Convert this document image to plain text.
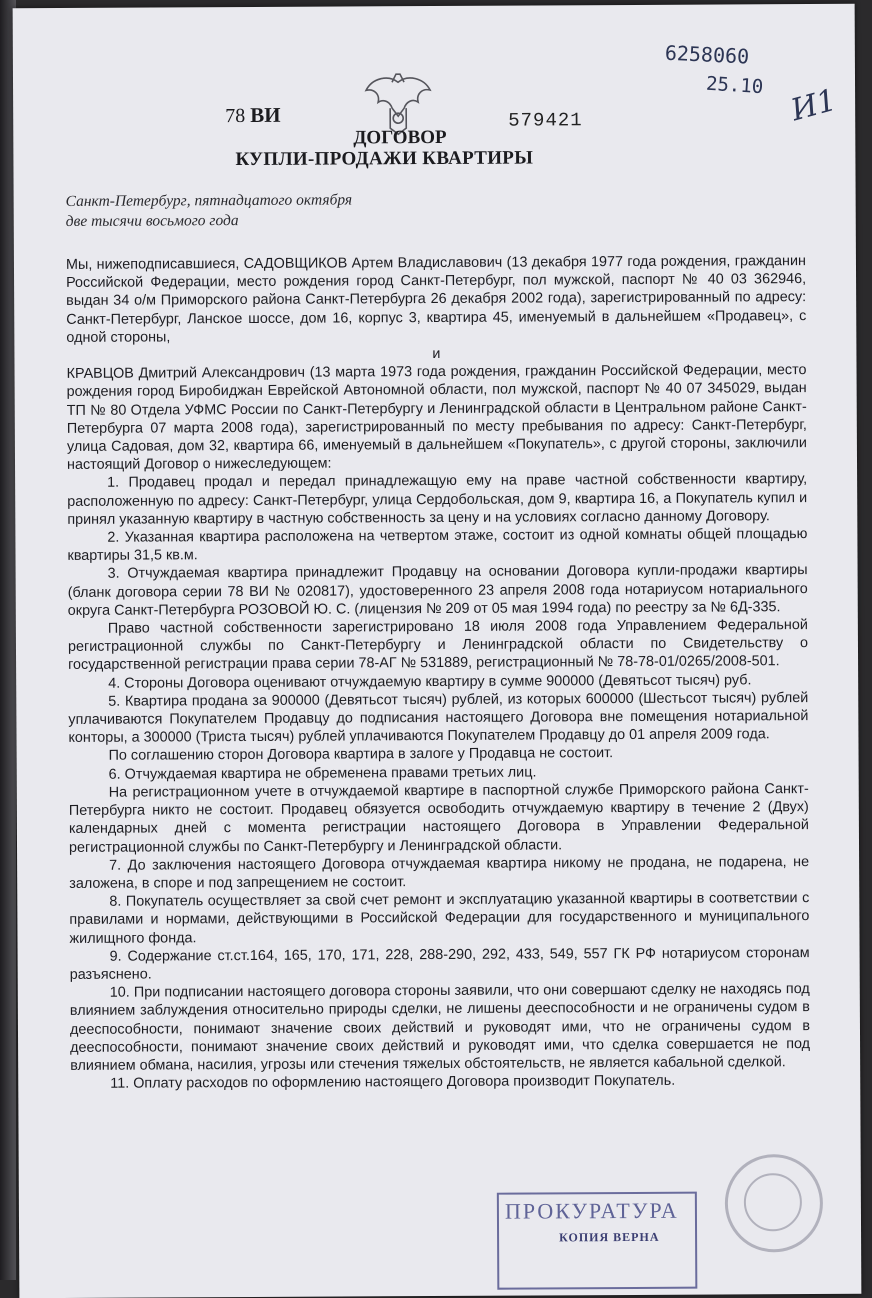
78 ВИ	579421
ДОГОВОР
КУПЛИ-ПРОДАЖИ КВАРТИРЫ
6258060
25.10 И1
Санкт-Петербург, пятнадцатого октября
две тысячи восьмого года

Мы, нижеподписавшиеся, САДОВЩИКОВ Артем Владиславович (13 декабря 1977 года рождения, гражданин Российской Федерации, место рождения город Санкт-Петербург, пол мужской, паспорт № 40 03 362946, выдан 34 о/м Приморского района Санкт-Петербурга 26 декабря 2002 года), зарегистрированный по адресу: Санкт-Петербург, Ланское шоссе, дом 16, корпус 3, квартира 45, именуемый в дальнейшем «Продавец», с одной стороны,

и

КРАВЦОВ Дмитрий Александрович (13 марта 1973 года рождения, гражданин Российской Федерации, место рождения город Биробиджан Еврейской Автономной области, пол мужской, паспорт № 40 07 345029, выдан ТП № 80 Отдела УФМС России по Санкт-Петербургу и Ленинградской области в Центральном районе Санкт-Петербурга 07 марта 2008 года), зарегистрированный по месту пребывания по адресу: Санкт-Петербург, улица Садовая, дом 32, квартира 66, именуемый в дальнейшем «Покупатель», с другой стороны, заключили настоящий Договор о нижеследующем:

1. Продавец продал и передал принадлежащую ему на праве частной собственности квартиру, расположенную по адресу: Санкт-Петербург, улица Сердобольская, дом 9, квартира 16, а Покупатель купил и принял указанную квартиру в частную собственность за цену и на условиях согласно данному Договору.

2. Указанная квартира расположена на четвертом этаже, состоит из одной комнаты общей площадью квартиры 31,5 кв.м.

3. Отчуждаемая квартира принадлежит Продавцу на основании Договора купли-продажи квартиры (бланк договора серии 78 ВИ № 020817), удостоверенного 23 апреля 2008 года нотариусом нотариального округа Санкт-Петербурга РОЗОВОЙ Ю. С. (лицензия № 209 от 05 мая 1994 года) по реестру за № 6Д-335.

Право частной собственности зарегистрировано 18 июля 2008 года Управлением Федеральной регистрационной службы по Санкт-Петербургу и Ленинградской области по Свидетельству о государственной регистрации права серии 78-АГ № 531889, регистрационный № 78-78-01/0265/2008-501.

4. Стороны Договора оценивают отчуждаемую квартиру в сумме 900000 (Девятьсот тысяч) руб.

5. Квартира продана за 900000 (Девятьсот тысяч) рублей, из которых 600000 (Шестьсот тысяч) рублей уплачиваются Покупателем Продавцу до подписания настоящего Договора вне помещения нотариальной конторы, а 300000 (Триста тысяч) рублей уплачиваются Покупателем Продавцу до 01 апреля 2009 года.

По соглашению сторон Договора квартира в залоге у Продавца не состоит.

6. Отчуждаемая квартира не обременена правами третьих лиц.

На регистрационном учете в отчуждаемой квартире в паспортной службе Приморского района Санкт-Петербурга никто не состоит. Продавец обязуется освободить отчуждаемую квартиру в течение 2 (Двух) календарных дней с момента регистрации настоящего Договора в Управлении Федеральной регистрационной службы по Санкт-Петербургу и Ленинградской области.

7. До заключения настоящего Договора отчуждаемая квартира никому не продана, не подарена, не заложена, в споре и под запрещением не состоит.

8. Покупатель осуществляет за свой счет ремонт и эксплуатацию указанной квартиры в соответствии с правилами и нормами, действующими в Российской Федерации для государственного и муниципального жилищного фонда.

9. Содержание ст.ст.164, 165, 170, 171, 228, 288-290, 292, 433, 549, 557 ГК РФ нотариусом сторонам разъяснено.

10. При подписании настоящего договора стороны заявили, что они совершают сделку не находясь под влиянием заблуждения относительно природы сделки, не лишены дееспособности и не ограничены судом в дееспособности, понимают значение своих действий и руководят ими, что не ограничены судом в дееспособности, понимают значение своих действий и руководят ими, что сделка совершается не под влиянием обмана, насилия, угрозы или стечения тяжелых обстоятельств, не является кабальной сделкой.

11. Оплату расходов по оформлению настоящего Договора производит Покупатель.

ПРОКУРАТУРА
КОПИЯ ВЕРНА
